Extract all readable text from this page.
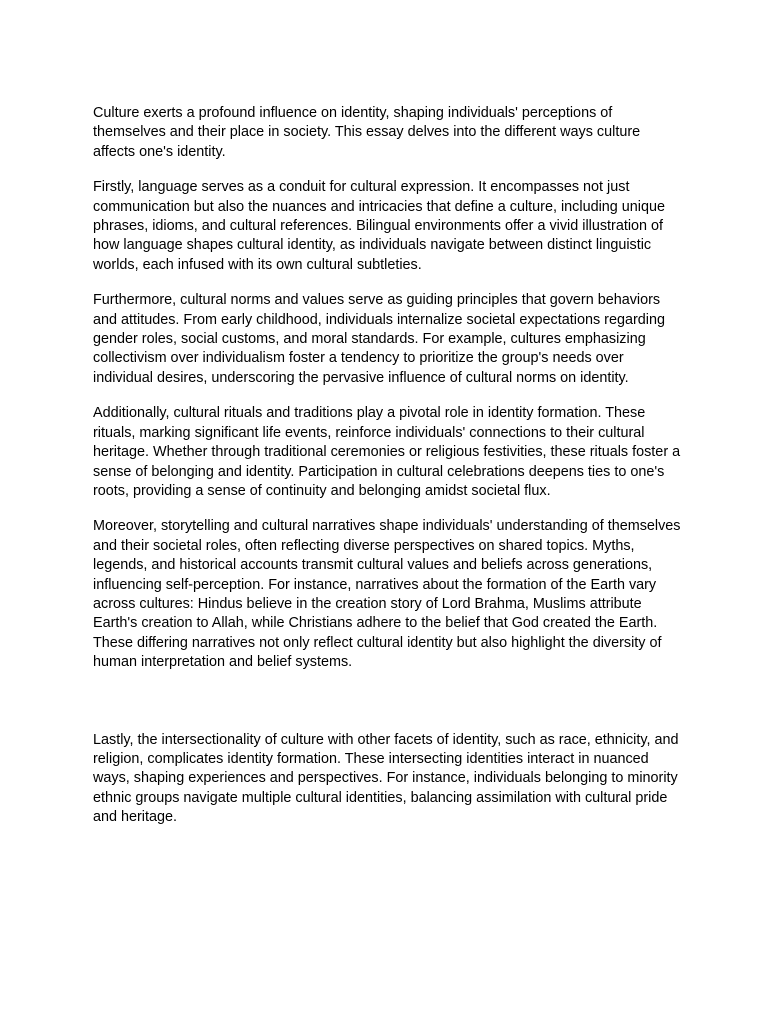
Culture exerts a profound influence on identity, shaping individuals' perceptions of themselves and their place in society. This essay delves into the different ways culture affects one's identity.

Firstly, language serves as a conduit for cultural expression. It encompasses not just communication but also the nuances and intricacies that define a culture, including unique phrases, idioms, and cultural references. Bilingual environments offer a vivid illustration of how language shapes cultural identity, as individuals navigate between distinct linguistic worlds, each infused with its own cultural subtleties.

Furthermore, cultural norms and values serve as guiding principles that govern behaviors and attitudes. From early childhood, individuals internalize societal expectations regarding gender roles, social customs, and moral standards. For example, cultures emphasizing collectivism over individualism foster a tendency to prioritize the group's needs over individual desires, underscoring the pervasive influence of cultural norms on identity.

Additionally, cultural rituals and traditions play a pivotal role in identity formation. These rituals, marking significant life events, reinforce individuals' connections to their cultural heritage. Whether through traditional ceremonies or religious festivities, these rituals foster a sense of belonging and identity. Participation in cultural celebrations deepens ties to one's roots, providing a sense of continuity and belonging amidst societal flux.

Moreover, storytelling and cultural narratives shape individuals' understanding of themselves and their societal roles, often reflecting diverse perspectives on shared topics. Myths, legends, and historical accounts transmit cultural values and beliefs across generations, influencing self-perception. For instance, narratives about the formation of the Earth vary across cultures: Hindus believe in the creation story of Lord Brahma, Muslims attribute Earth's creation to Allah, while Christians adhere to the belief that God created the Earth. These differing narratives not only reflect cultural identity but also highlight the diversity of human interpretation and belief systems.

Lastly, the intersectionality of culture with other facets of identity, such as race, ethnicity, and religion, complicates identity formation. These intersecting identities interact in nuanced ways, shaping experiences and perspectives. For instance, individuals belonging to minority ethnic groups navigate multiple cultural identities, balancing assimilation with cultural pride and heritage.
